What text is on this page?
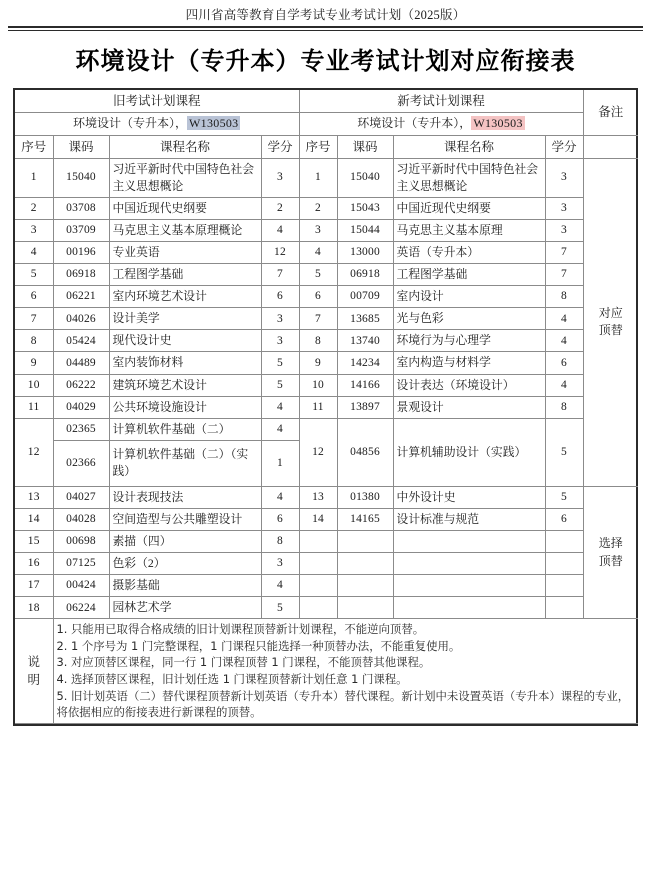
四川省高等教育自学考试专业考试计划（2025版）
环境设计（专升本）专业考试计划对应衔接表
旧考试计划课程				新考试计划课程				备注
环境设计（专升本）， W130503				环境设计（专升本）， W130503				
序号	课码	课程名称	学分	序号	课码	课程名称	学分	
1	15040	习近平新时代中国特色社会主义思想概论	3	1	15040	习近平新时代中国特色社会主义思想概论	3	对应
顶替

2	03708	中国近现代史纲要	2	2	15043	中国近现代史纲要	3	
3	03709	马克思主义基本原理概论	4	3	15044	马克思主义基本原理	3	
4	00196	专业英语	12	4	13000	英语（专升本）	7	
5	06918	工程图学基础	7	5	06918	工程图学基础	7	
6	06221	室内环境艺术设计	6	6	00709	室内设计	8	
7	04026	设计美学	3	7	13685	光与色彩	4	
8	05424	现代设计史	3	8	13740	环境行为与心理学	4	
9	04489	室内装饰材料	5	9	14234	室内构造与材料学	6	
10	06222	建筑环境艺术设计	5	10	14166	设计表达（环境设计）	4	
11	04029	公共环境设施设计	4	11	13897	景观设计	8	
12	02365	计算机软件基础（二）	4	12	04856	计算机辅助设计（实践）	5	
	02366	计算机软件基础（二）（实践）	1					
13	04027	设计表现技法	4	13	01380	中外设计史	5	选择
顶替

14	04028	空间造型与公共雕塑设计	6	14	14165	设计标准与规范	6	
15	00698	素描（四）	8					
16	07125	色彩（2）	3					
17	00424	摄影基础	4					
18	06224	园林艺术学	5					

说
明

1. 只能用已取得合格成绩的旧计划课程顶替新计划课程，不能逆向顶替。

2. 1 个序号为 1 门完整课程，1 门课程只能选择一种顶替办法，不能重复使用。

3. 对应顶替区课程，同一行 1 门课程顶替 1 门课程，不能顶替其他课程。

4. 选择顶替区课程，旧计划任选 1 门课程顶替新计划任意 1 门课程。

5. 旧计划英语（二）替代课程顶替新计划英语（专升本）替代课程。新计划中未设置英语（专升本）课程的专业，将依据相应的衔接表进行新课程的顶替。
